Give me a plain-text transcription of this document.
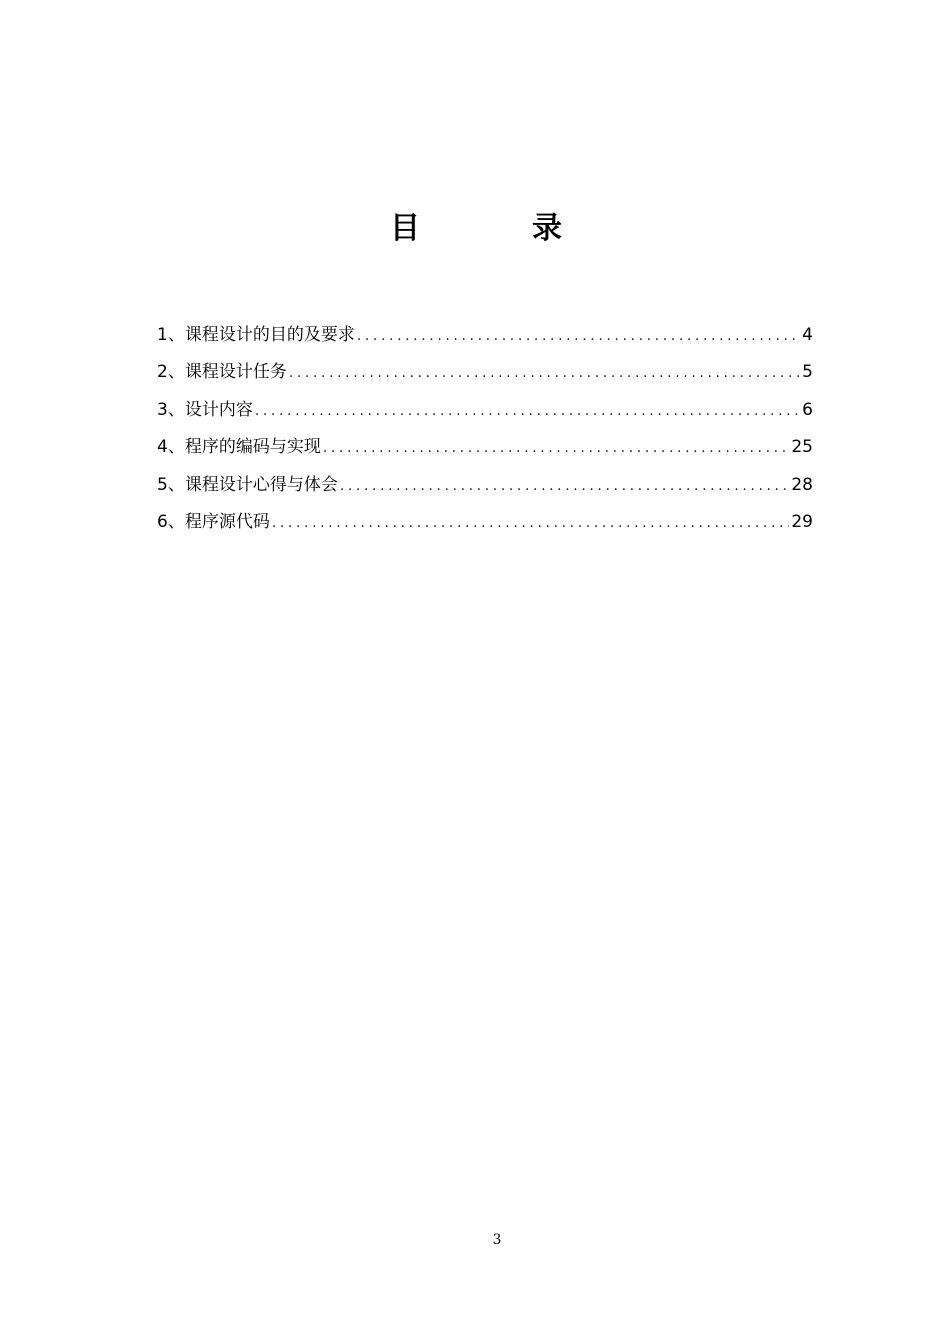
目	录
1、课程设计的目的及要求 .....	4
2、课程设计任务 .....	5
3、设计内容 .....	6
4、程序的编码与实现 .....	25
5、课程设计心得与体会 .....	28
6、程序源代码 .....	29
3
